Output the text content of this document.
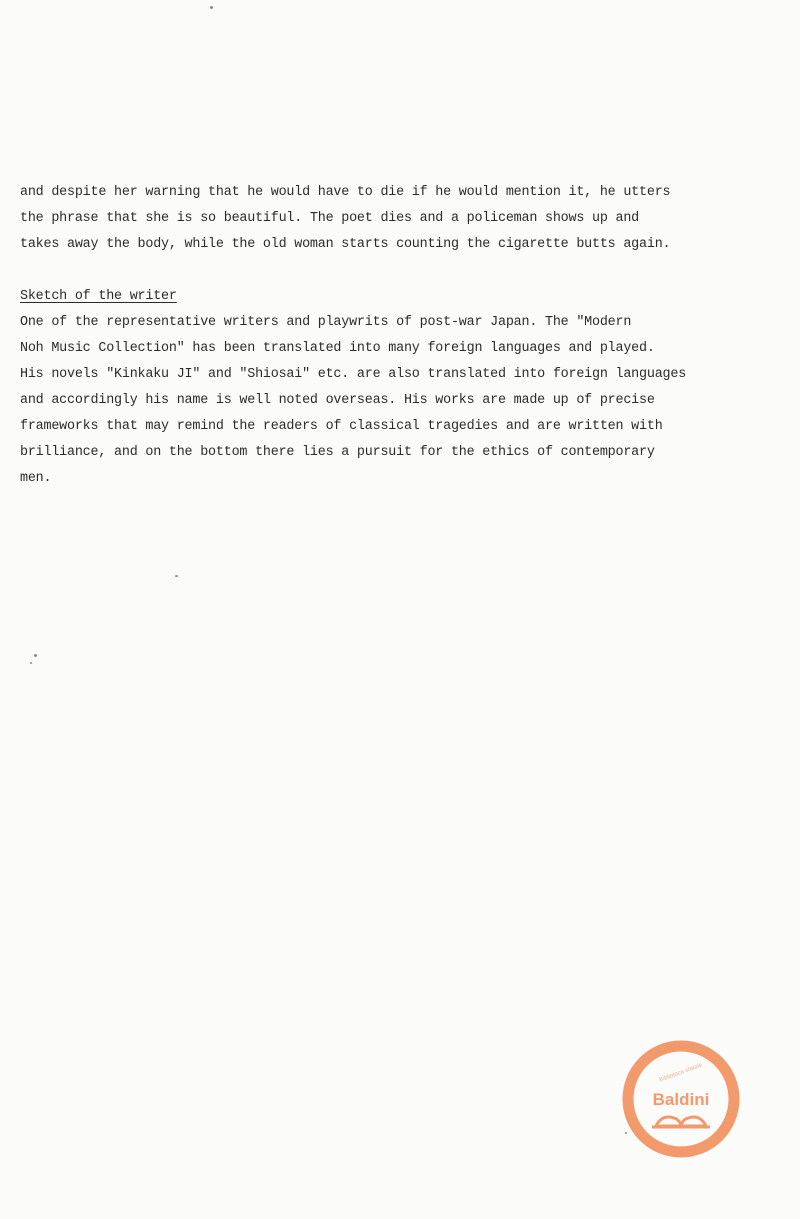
and despite her warning that he would have to die if he would mention it, he utters
the phrase that she is so beautiful. The poet dies and a policeman shows up and
takes away the body, while the old woman starts counting the cigarette butts again.
Sketch of the writer
One of the representative writers and playwrits of post-war Japan. The "Modern
Noh Music Collection" has been translated into many foreign languages and played.
His novels "Kinkaku JI" and "Shiosai" etc. are also translated into foreign languages
and accordingly his name is well noted overseas. His works are made up of precise
frameworks that may remind the readers of classical tragedies and are written with
brilliance, and on the bottom there lies a pursuit for the ethics of contemporary
men.
Biblioteca statale
Baldini
